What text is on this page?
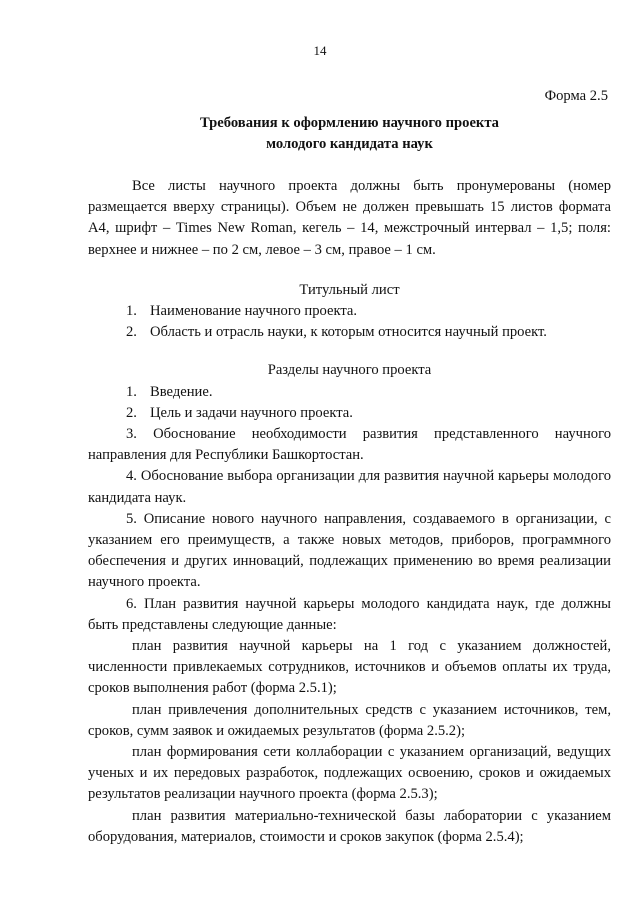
14
Форма 2.5
Требования к оформлению научного проекта
молодого кандидата наук

Все листы научного проекта должны быть пронумерованы (номер размещается вверху страницы). Объем не должен превышать 15 листов формата А4, шрифт – Times New Roman, кегель – 14, межстрочный интервал – 1,5; поля: верхнее и нижнее – по 2 см, левое – 3 см, правое – 1 см.

Титульный лист
1. Наименование научного проекта.
2. Область и отрасль науки, к которым относится научный проект.
Разделы научного проекта
1. Введение.
2. Цель и задачи научного проекта.

3. Обоснование необходимости развития представленного научного направления для Республики Башкортостан.

4. Обоснование выбора организации для развития научной карьеры молодого кандидата наук.

5. Описание нового научного направления, создаваемого в организации, с указанием его преимуществ, а также новых методов, приборов, программного обеспечения и других инноваций, подлежащих применению во время реализации научного проекта.

6. План развития научной карьеры молодого кандидата наук, где должны быть представлены следующие данные:

план развития научной карьеры на 1 год с указанием должностей, численности привлекаемых сотрудников, источников и объемов оплаты их труда, сроков выполнения работ (форма 2.5.1);

план привлечения дополнительных средств с указанием источников, тем, сроков, сумм заявок и ожидаемых результатов (форма 2.5.2);

план формирования сети коллаборации с указанием организаций, ведущих ученых и их передовых разработок, подлежащих освоению, сроков и ожидаемых результатов реализации научного проекта (форма 2.5.3);

план развития материально-технической базы лаборатории с указанием оборудования, материалов, стоимости и сроков закупок (форма 2.5.4);
